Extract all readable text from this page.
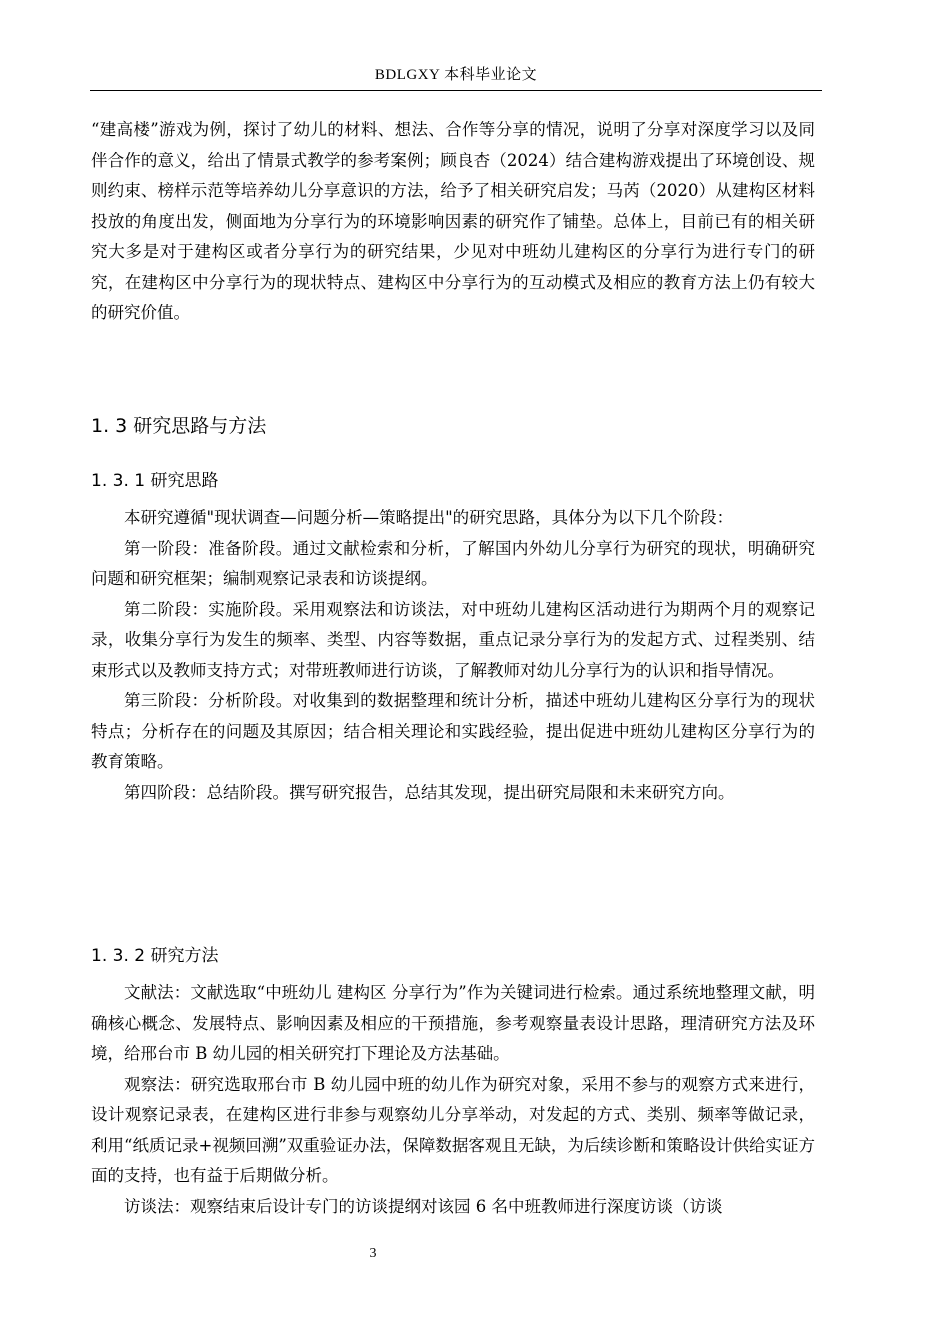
BDLGXY 本科毕业论文

“建高楼”游戏为例，探讨了幼儿的材料、想法、合作等分享的情况，说明了分享对深度学习以及同伴合作的意义，给出了情景式教学的参考案例；顾良杏（2024）结合建构游戏提出了环境创设、规则约束、榜样示范等培养幼儿分享意识的方法，给予了相关研究启发；马芮（2020）从建构区材料投放的角度出发，侧面地为分享行为的环境影响因素的研究作了铺垫。总体上，目前已有的相关研究大多是对于建构区或者分享行为的研究结果，少见对中班幼儿建构区的分享行为进行专门的研究，在建构区中分享行为的现状特点、建构区中分享行为的互动模式及相应的教育方法上仍有较大的研究价值。

1. 3 研究思路与方法
1. 3. 1 研究思路

本研究遵循"现状调查—问题分析—策略提出"的研究思路，具体分为以下几个阶段：

第一阶段：准备阶段。通过文献检索和分析，了解国内外幼儿分享行为研究的现状，明确研究问题和研究框架；编制观察记录表和访谈提纲。

第二阶段：实施阶段。采用观察法和访谈法，对中班幼儿建构区活动进行为期两个月的观察记录，收集分享行为发生的频率、类型、内容等数据，重点记录分享行为的发起方式、过程类别、结束形式以及教师支持方式；对带班教师进行访谈，了解教师对幼儿分享行为的认识和指导情况。

第三阶段：分析阶段。对收集到的数据整理和统计分析，描述中班幼儿建构区分享行为的现状特点；分析存在的问题及其原因；结合相关理论和实践经验，提出促进中班幼儿建构区分享行为的教育策略。

第四阶段：总结阶段。撰写研究报告，总结其发现，提出研究局限和未来研究方向。

1. 3. 2 研究方法

文献法：文献选取“中班幼儿 建构区 分享行为”作为关键词进行检索。通过系统地整理文献，明确核心概念、发展特点、影响因素及相应的干预措施，参考观察量表设计思路，理清研究方法及环境，给邢台市 B 幼儿园的相关研究打下理论及方法基础。

观察法：研究选取邢台市 B 幼儿园中班的幼儿作为研究对象，采用不参与的观察方式来进行，设计观察记录表，在建构区进行非参与观察幼儿分享举动，对发起的方式、类别、频率等做记录，利用“纸质记录+视频回溯”双重验证办法，保障数据客观且无缺，为后续诊断和策略设计供给实证方面的支持，也有益于后期做分析。

访谈法：观察结束后设计专门的访谈提纲对该园 6 名中班教师进行深度访谈（访谈

3
